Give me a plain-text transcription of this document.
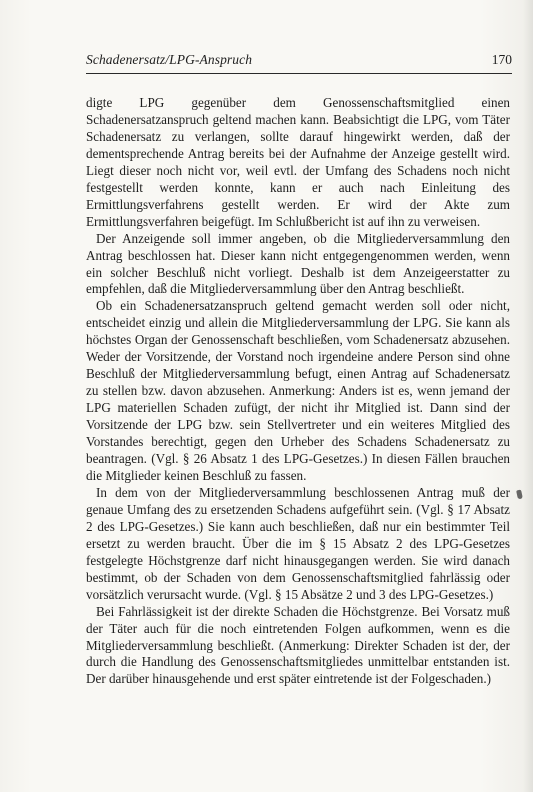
Schadenersatz/LPG-Anspruch	170

digte LPG gegenüber dem Genossenschaftsmitglied einen Schadenersatzanspruch geltend machen kann. Beabsichtigt die LPG, vom Täter Schadenersatz zu verlangen, sollte darauf hingewirkt werden, daß der dementsprechende Antrag bereits bei der Aufnahme der Anzeige gestellt wird. Liegt dieser noch nicht vor, weil evtl. der Umfang des Schadens noch nicht festgestellt werden konnte, kann er auch nach Einleitung des Ermittlungsverfahrens gestellt werden. Er wird der Akte zum Ermittlungsverfahren beigefügt. Im Schlußbericht ist auf ihn zu verweisen.

Der Anzeigende soll immer angeben, ob die Mitgliederversammlung den Antrag beschlossen hat. Dieser kann nicht entgegengenommen werden, wenn ein solcher Beschluß nicht vorliegt. Deshalb ist dem Anzeigeerstatter zu empfehlen, daß die Mitgliederversammlung über den Antrag beschließt.

Ob ein Schadenersatzanspruch geltend gemacht werden soll oder nicht, entscheidet einzig und allein die Mitgliederversammlung der LPG. Sie kann als höchstes Organ der Genossenschaft beschließen, vom Schadenersatz abzusehen. Weder der Vorsitzende, der Vorstand noch irgendeine andere Person sind ohne Beschluß der Mitgliederversammlung befugt, einen Antrag auf Schadenersatz zu stellen bzw. davon abzusehen. Anmerkung: Anders ist es, wenn jemand der LPG materiellen Schaden zufügt, der nicht ihr Mitglied ist. Dann sind der Vorsitzende der LPG bzw. sein Stellvertreter und ein weiteres Mitglied des Vorstandes berechtigt, gegen den Urheber des Schadens Schadenersatz zu beantragen. (Vgl. § 26 Absatz 1 des LPG-Gesetzes.) In diesen Fällen brauchen die Mitglieder keinen Beschluß zu fassen.

In dem von der Mitgliederversammlung beschlossenen Antrag muß der genaue Umfang des zu ersetzenden Schadens aufgeführt sein. (Vgl. § 17 Absatz 2 des LPG-Gesetzes.) Sie kann auch beschließen, daß nur ein bestimmter Teil ersetzt zu werden braucht. Über die im § 15 Absatz 2 des LPG-Gesetzes festgelegte Höchstgrenze darf nicht hinausgegangen werden. Sie wird danach bestimmt, ob der Schaden von dem Genossenschaftsmitglied fahrlässig oder vorsätzlich verursacht wurde. (Vgl. § 15 Absätze 2 und 3 des LPG-Gesetzes.)

Bei Fahrlässigkeit ist der direkte Schaden die Höchstgrenze. Bei Vorsatz muß der Täter auch für die noch eintretenden Folgen aufkommen, wenn es die Mitgliederversammlung beschließt. (Anmerkung: Direkter Schaden ist der, der durch die Handlung des Genossenschaftsmitgliedes unmittelbar entstanden ist. Der darüber hinausgehende und erst später eintretende ist der Folgeschaden.)
